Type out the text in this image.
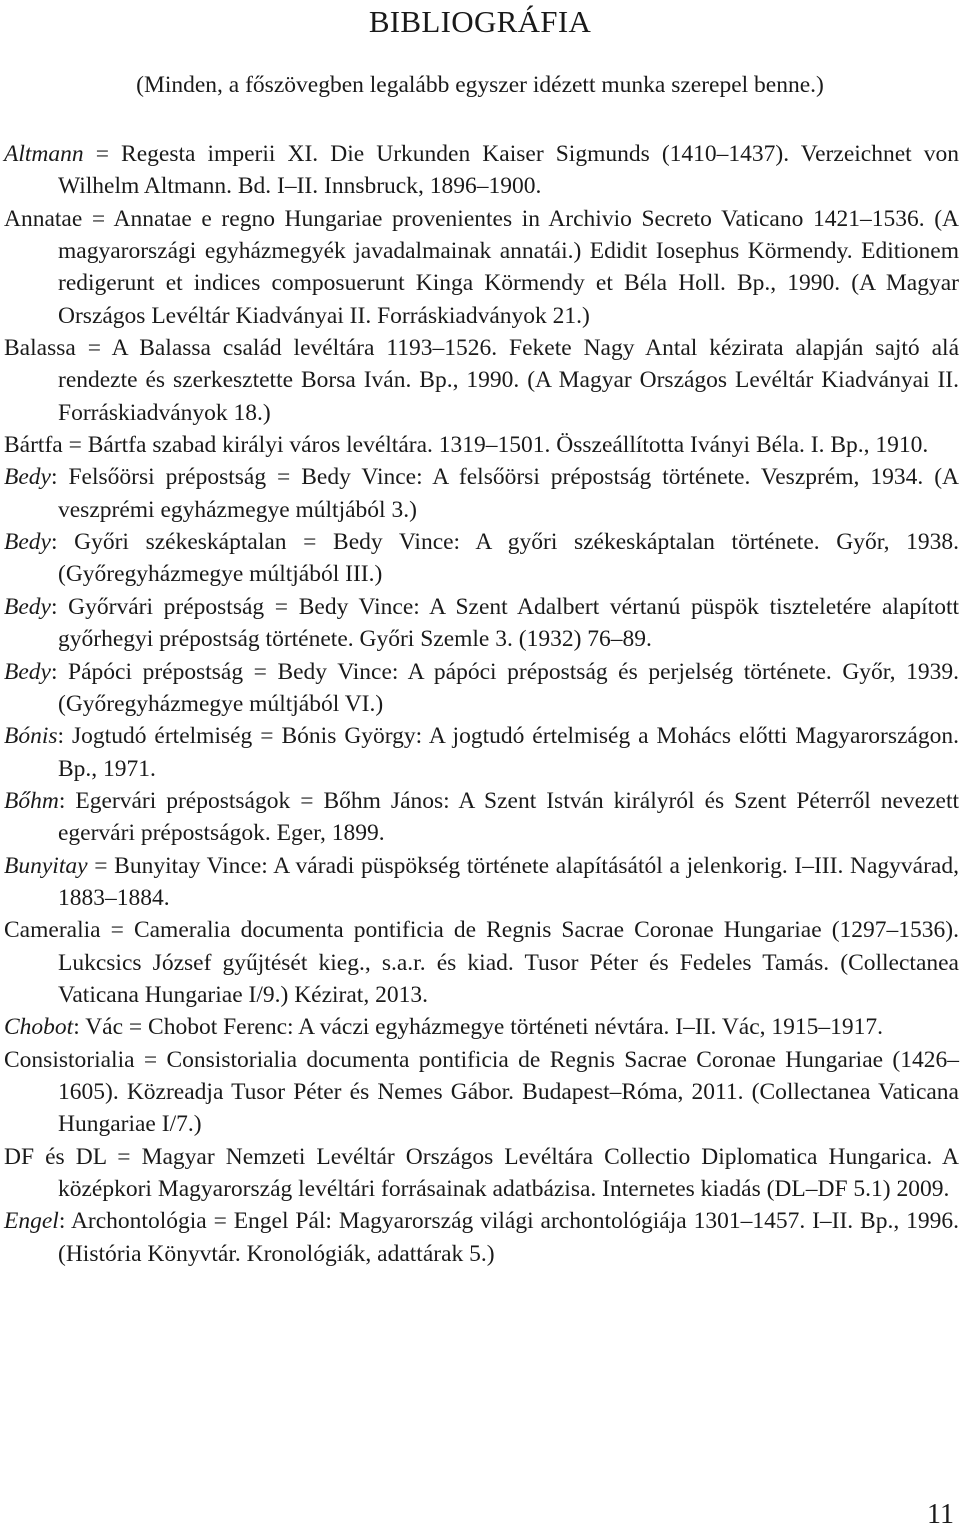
BIBLIOGRÁFIA

(Minden, a főszövegben legalább egyszer idézett munka szerepel benne.)

Altmann = Regesta imperii XI. Die Urkunden Kaiser Sigmunds (1410–1437). Verzeichnet von Wilhelm Altmann. Bd. I–II. Innsbruck, 1896–1900.
Annatae = Annatae e regno Hungariae provenientes in Archivio Secreto Vaticano 1421–1536. (A magyarországi egyházmegyék javadalmainak annatái.) Edidit Iosephus Körmendy. Editionem redigerunt et indices composuerunt Kinga Körmendy et Béla Holl. Bp., 1990. (A Magyar Országos Levéltár Kiadványai II. Forráskiadványok 21.)
Balassa = A Balassa család levéltára 1193–1526. Fekete Nagy Antal kézirata alapján sajtó alá rendezte és szerkesztette Borsa Iván. Bp., 1990. (A Magyar Országos Levéltár Kiadványai II. Forráskiadványok 18.)
Bártfa = Bártfa szabad királyi város levéltára. 1319–1501. Összeállította Iványi Béla. I. Bp., 1910.
Bedy: Felsőörsi prépostság = Bedy Vince: A felsőörsi prépostság története. Veszprém, 1934. (A veszprémi egyházmegye múltjából 3.)
Bedy: Győri székeskáptalan = Bedy Vince: A győri székeskáptalan története. Győr, 1938. (Győregyházmegye múltjából III.)
Bedy: Győrvári prépostság = Bedy Vince: A Szent Adalbert vértanú püspök tiszteletére alapított győrhegyi prépostság története. Győri Szemle 3. (1932) 76–89.
Bedy: Pápóci prépostság = Bedy Vince: A pápóci prépostság és perjelség története. Győr, 1939. (Győregyházmegye múltjából VI.)
Bónis: Jogtudó értelmiség = Bónis György: A jogtudó értelmiség a Mohács előtti Magyarországon. Bp., 1971.
Bőhm: Egervári prépostságok = Bőhm János: A Szent István királyról és Szent Péterről nevezett egervári prépostságok. Eger, 1899.
Bunyitay = Bunyitay Vince: A váradi püspökség története alapításától a jelenkorig. I–III. Nagyvárad, 1883–1884.
Cameralia = Cameralia documenta pontificia de Regnis Sacrae Coronae Hungariae (1297–1536). Lukcsics József gyűjtését kieg., s.a.r. és kiad. Tusor Péter és Fedeles Tamás. (Collectanea Vaticana Hungariae I/9.) Kézirat, 2013.
Chobot: Vác = Chobot Ferenc: A váczi egyházmegye történeti névtára. I–II. Vác, 1915–1917.
Consistorialia = Consistorialia documenta pontificia de Regnis Sacrae Coronae Hungariae (1426–1605). Közreadja Tusor Péter és Nemes Gábor. Budapest–Róma, 2011. (Collectanea Vaticana Hungariae I/7.)
DF és DL = Magyar Nemzeti Levéltár Országos Levéltára Collectio Diplomatica Hungarica. A középkori Magyarország levéltári forrásainak adatbázisa. Internetes kiadás (DL–DF 5.1) 2009.
Engel: Archontológia = Engel Pál: Magyarország világi archontológiája 1301–1457. I–II. Bp., 1996. (História Könyvtár. Kronológiák, adattárak 5.)
11
